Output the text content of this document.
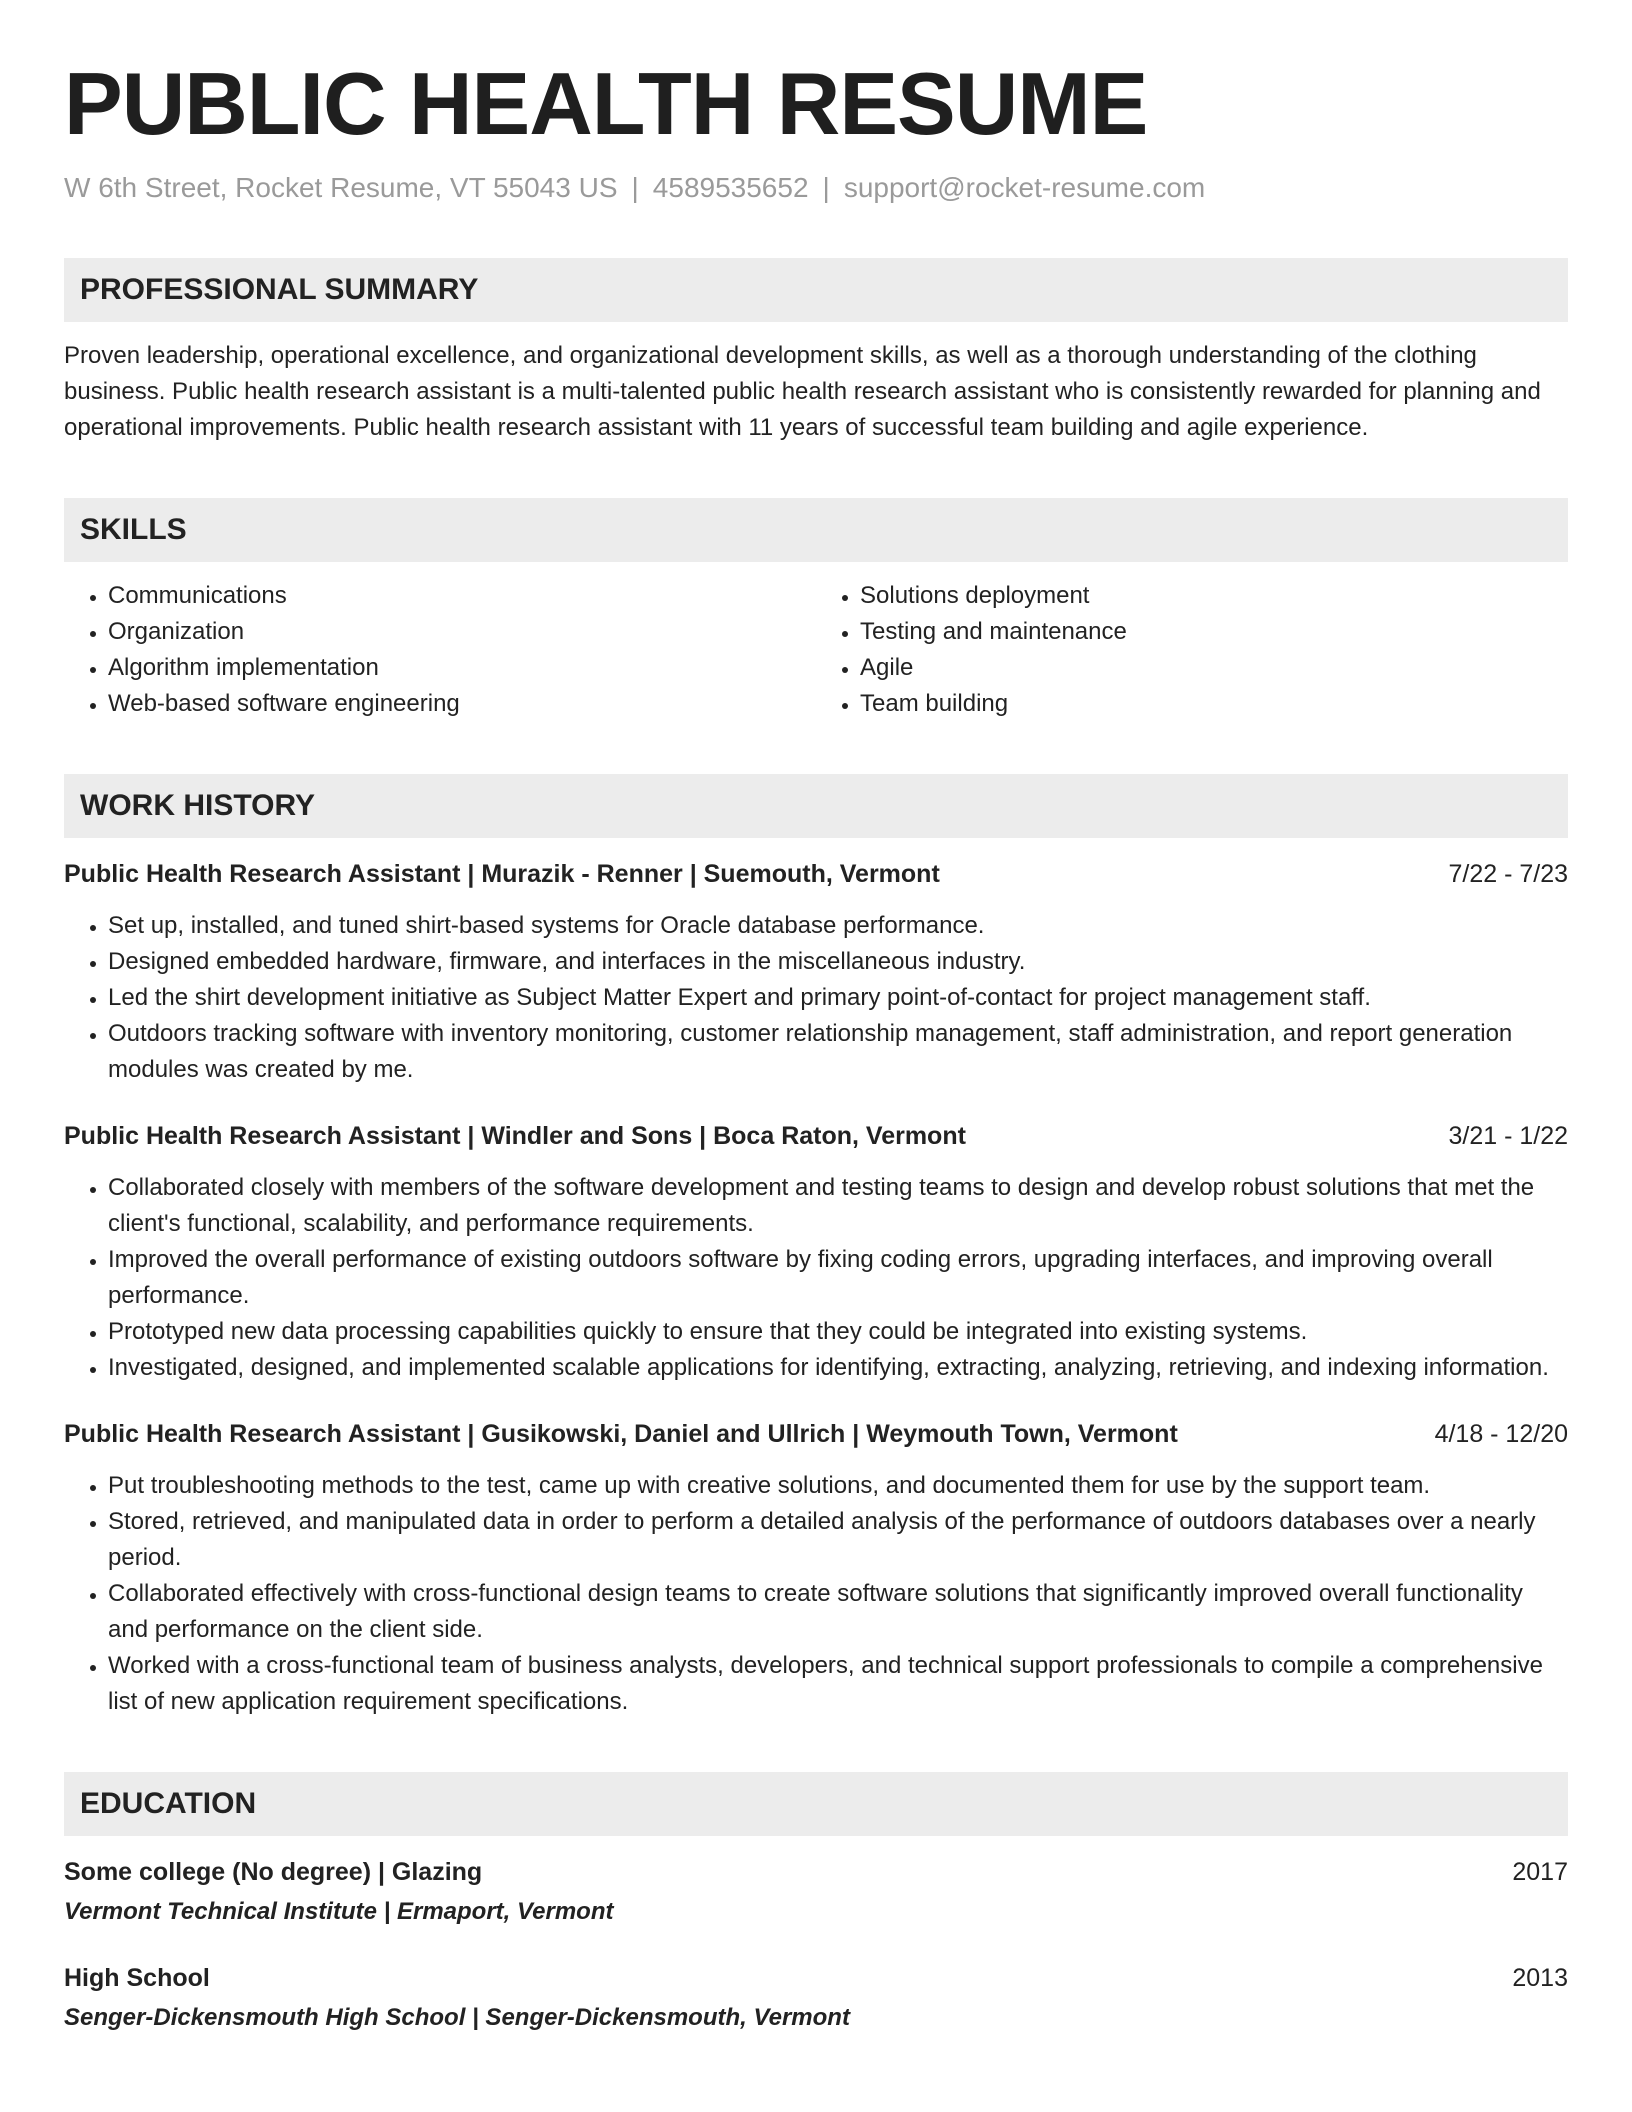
PUBLIC HEALTH RESUME
W 6th Street, Rocket Resume, VT 55043 US | 4589535652 | support@rocket-resume.com
PROFESSIONAL SUMMARY
Proven leadership, operational excellence, and organizational development skills, as well as a thorough understanding of the clothing business. Public health research assistant is a multi-talented public health research assistant who is consistently rewarded for planning and operational improvements. Public health research assistant with 11 years of successful team building and agile experience.
SKILLS
• Communications
• Organization
• Algorithm implementation
• Web-based software engineering
• Solutions deployment
• Testing and maintenance
• Agile
• Team building
WORK HISTORY
Public Health Research Assistant | Murazik - Renner | Suemouth, Vermont	7/22 - 7/23
• Set up, installed, and tuned shirt-based systems for Oracle database performance.
• Designed embedded hardware, firmware, and interfaces in the miscellaneous industry.
• Led the shirt development initiative as Subject Matter Expert and primary point-of-contact for project management staff.
• Outdoors tracking software with inventory monitoring, customer relationship management, staff administration, and report generation modules was created by me.
Public Health Research Assistant | Windler and Sons | Boca Raton, Vermont	3/21 - 1/22
• Collaborated closely with members of the software development and testing teams to design and develop robust solutions that met the client's functional, scalability, and performance requirements.
• Improved the overall performance of existing outdoors software by fixing coding errors, upgrading interfaces, and improving overall performance.
• Prototyped new data processing capabilities quickly to ensure that they could be integrated into existing systems.
• Investigated, designed, and implemented scalable applications for identifying, extracting, analyzing, retrieving, and indexing information.
Public Health Research Assistant | Gusikowski, Daniel and Ullrich | Weymouth Town, Vermont	4/18 - 12/20
• Put troubleshooting methods to the test, came up with creative solutions, and documented them for use by the support team.
• Stored, retrieved, and manipulated data in order to perform a detailed analysis of the performance of outdoors databases over a nearly period.
• Collaborated effectively with cross-functional design teams to create software solutions that significantly improved overall functionality and performance on the client side.
• Worked with a cross-functional team of business analysts, developers, and technical support professionals to compile a comprehensive list of new application requirement specifications.
EDUCATION
Some college (No degree) | Glazing	2017
Vermont Technical Institute | Ermaport, Vermont
High School	2013
Senger-Dickensmouth High School | Senger-Dickensmouth, Vermont
